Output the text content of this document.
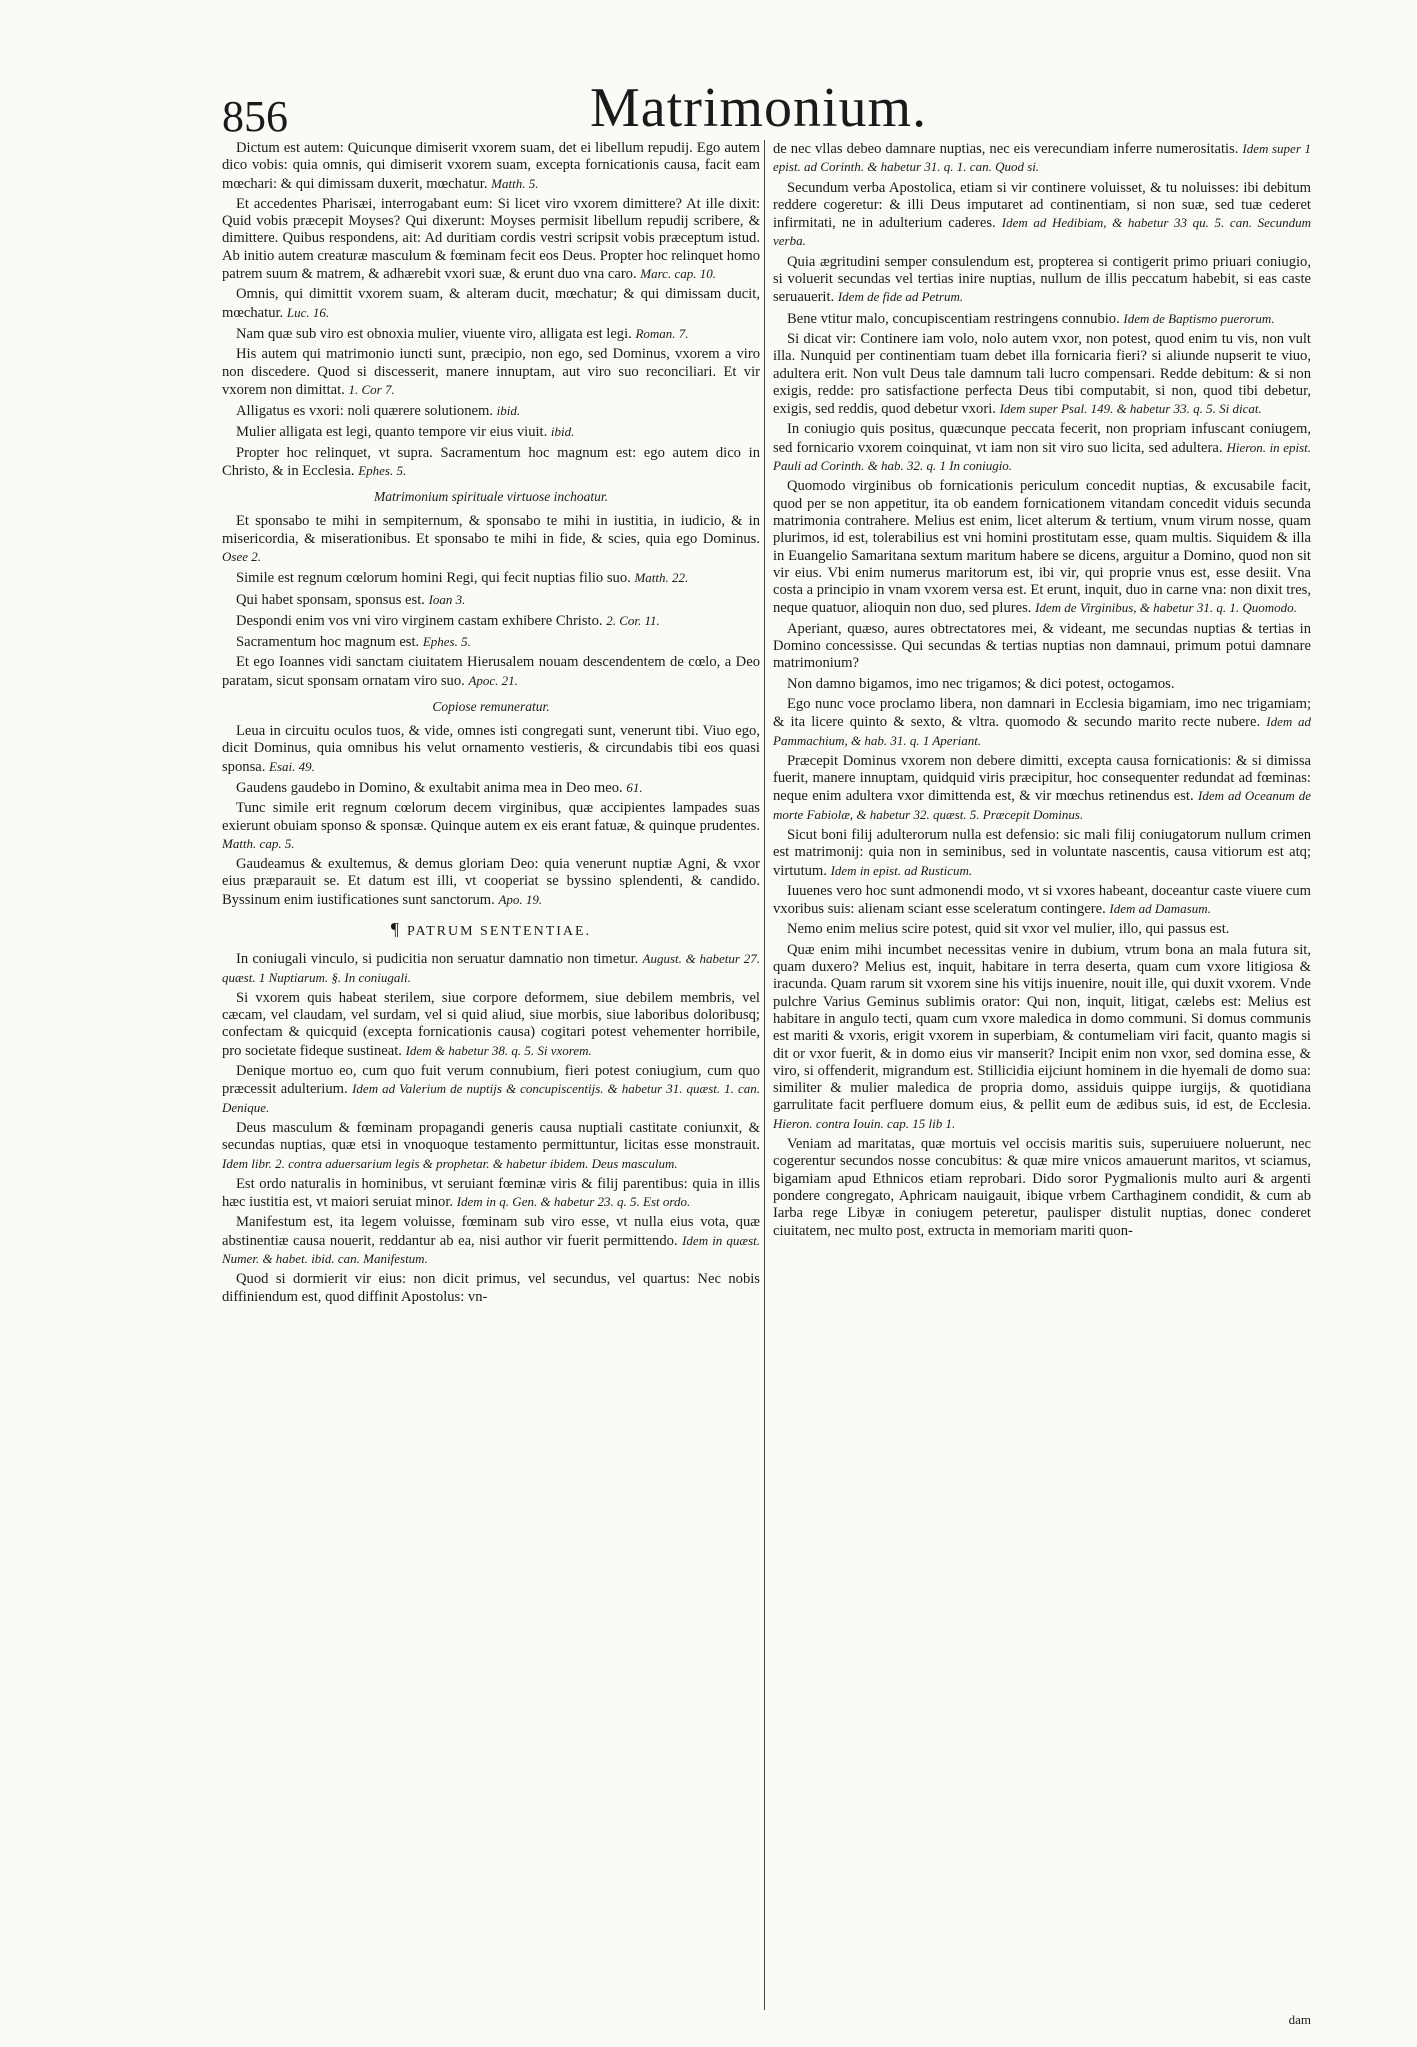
856	Matrimonium.

Dictum est autem: Quicunque dimiserit vxorem suam, det ei libellum repudij. Ego autem dico vobis: quia omnis, qui dimiserit vxorem suam, excepta fornicationis causa, facit eam mœchari: & qui dimissam duxerit, mœchatur. Matth. 5.

Et accedentes Pharisæi, interrogabant eum: Si licet viro vxorem dimittere? At ille dixit: Quid vobis præcepit Moyses? Qui dixerunt: Moyses permisit libellum repudij scribere, & dimittere. Quibus respondens, ait: Ad duritiam cordis vestri scripsit vobis præceptum istud. Ab initio autem creaturæ masculum & fœminam fecit eos Deus. Propter hoc relinquet homo patrem suum & matrem, & adhærebit vxori suæ, & erunt duo vna caro. Marc. cap. 10.

Omnis, qui dimittit vxorem suam, & alteram ducit, mœchatur; & qui dimissam ducit, mœchatur. Luc. 16.

Nam quæ sub viro est obnoxia mulier, viuente viro, alligata est legi. Roman. 7.

His autem qui matrimonio iuncti sunt, præcipio, non ego, sed Dominus, vxorem a viro non discedere. Quod si discesserit, manere innuptam, aut viro suo reconciliari. Et vir vxorem non dimittat. 1. Cor 7.

Alligatus es vxori: noli quærere solutionem. ibid.

Mulier alligata est legi, quanto tempore vir eius viuit. ibid.

Propter hoc relinquet, vt supra. Sacramentum hoc magnum est: ego autem dico in Christo, & in Ecclesia. Ephes. 5.

Matrimonium spirituale virtuose inchoatur.

Et sponsabo te mihi in sempiternum, & sponsabo te mihi in iustitia, in iudicio, & in misericordia, & miserationibus. Et sponsabo te mihi in fide, & scies, quia ego Dominus. Osee 2.

Simile est regnum cœlorum homini Regi, qui fecit nuptias filio suo. Matth. 22.

Qui habet sponsam, sponsus est. Ioan 3.

Despondi enim vos vni viro virginem castam exhibere Christo. 2. Cor. 11.

Sacramentum hoc magnum est. Ephes. 5.

Et ego Ioannes vidi sanctam ciuitatem Hierusalem nouam descendentem de cœlo, a Deo paratam, sicut sponsam ornatam viro suo. Apoc. 21.

Copiose remuneratur.

Leua in circuitu oculos tuos, & vide, omnes isti congregati sunt, venerunt tibi. Viuo ego, dicit Dominus, quia omnibus his velut ornamento vestieris, & circundabis tibi eos quasi sponsa. Esai. 49.

Gaudens gaudebo in Domino, & exultabit anima mea in Deo meo. 61.

Tunc simile erit regnum cœlorum decem virginibus, quæ accipientes lampades suas exierunt obuiam sponso & sponsæ. Quinque autem ex eis erant fatuæ, & quinque prudentes. Matth. cap. 5.

Gaudeamus & exultemus, & demus gloriam Deo: quia venerunt nuptiæ Agni, & vxor eius præparauit se. Et datum est illi, vt cooperiat se byssino splendenti, & candido. Byssinum enim iustificationes sunt sanctorum. Apo. 19.

¶ PATRUM SENTENTIAE.

In coniugali vinculo, si pudicitia non seruatur damnatio non timetur. August. & habetur 27. quæst. 1 Nuptiarum. §. In coniugali.

Si vxorem quis habeat sterilem, siue corpore deformem, siue debilem membris, vel cæcam, vel claudam, vel surdam, vel si quid aliud, siue morbis, siue laboribus doloribusq; confectam & quicquid (excepta fornicationis causa) cogitari potest vehementer horribile, pro societate fideque sustineat. Idem & habetur 38. q. 5. Si vxorem.

Denique mortuo eo, cum quo fuit verum connubium, fieri potest coniugium, cum quo præcessit adulterium. Idem ad Valerium de nuptijs & concupiscentijs. & habetur 31. quæst. 1. can. Denique.

Deus masculum & fœminam propagandi generis causa nuptiali castitate coniunxit, & secundas nuptias, quæ etsi in vnoquoque testamento permittuntur, licitas esse monstrauit. Idem libr. 2. contra aduersarium legis & prophetar. & habetur ibidem. Deus masculum.

Est ordo naturalis in hominibus, vt seruiant fœminæ viris & filij parentibus: quia in illis hæc iustitia est, vt maiori seruiat minor. Idem in q. Gen. & habetur 23. q. 5. Est ordo.

Manifestum est, ita legem voluisse, fœminam sub viro esse, vt nulla eius vota, quæ abstinentiæ causa nouerit, reddantur ab ea, nisi author vir fuerit permittendo. Idem in quæst. Numer. & habet. ibid. can. Manifestum.

Quod si dormierit vir eius: non dicit primus, vel secundus, vel quartus: Nec nobis diffiniendum est, quod diffinit Apostolus: vn-

de nec vllas debeo damnare nuptias, nec eis verecundiam inferre numerositatis. Idem super 1 epist. ad Corinth. & habetur 31. q. 1. can. Quod si.

Secundum verba Apostolica, etiam si vir continere voluisset, & tu noluisses: ibi debitum reddere cogeretur: & illi Deus imputaret ad continentiam, si non suæ, sed tuæ cederet infirmitati, ne in adulterium caderes. Idem ad Hedibiam, & habetur 33 qu. 5. can. Secundum verba.

Quia ægritudini semper consulendum est, propterea si contigerit primo priuari coniugio, si voluerit secundas vel tertias inire nuptias, nullum de illis peccatum habebit, si eas caste seruauerit. Idem de fide ad Petrum.

Bene vtitur malo, concupiscentiam restringens connubio. Idem de Baptismo puerorum.

Si dicat vir: Continere iam volo, nolo autem vxor, non potest, quod enim tu vis, non vult illa. Nunquid per continentiam tuam debet illa fornicaria fieri? si aliunde nupserit te viuo, adultera erit. Non vult Deus tale damnum tali lucro compensari. Redde debitum: & si non exigis, redde: pro satisfactione perfecta Deus tibi computabit, si non, quod tibi debetur, exigis, sed reddis, quod debetur vxori. Idem super Psal. 149. & habetur 33. q. 5. Si dicat.

In coniugio quis positus, quæcunque peccata fecerit, non propriam infuscant coniugem, sed fornicario vxorem coinquinat, vt iam non sit viro suo licita, sed adultera. Hieron. in epist. Pauli ad Corinth. & hab. 32. q. 1 In coniugio.

Quomodo virginibus ob fornicationis periculum concedit nuptias, & excusabile facit, quod per se non appetitur, ita ob eandem fornicationem vitandam concedit viduis secunda matrimonia contrahere. Melius est enim, licet alterum & tertium, vnum virum nosse, quam plurimos, id est, tolerabilius est vni homini prostitutam esse, quam multis. Siquidem & illa in Euangelio Samaritana sextum maritum habere se dicens, arguitur a Domino, quod non sit vir eius. Vbi enim numerus maritorum est, ibi vir, qui proprie vnus est, esse desiit. Vna costa a principio in vnam vxorem versa est. Et erunt, inquit, duo in carne vna: non dixit tres, neque quatuor, alioquin non duo, sed plures. Idem de Virginibus, & habetur 31. q. 1. Quomodo.

Aperiant, quæso, aures obtrectatores mei, & videant, me secundas nuptias & tertias in Domino concessisse. Qui secundas & tertias nuptias non damnaui, primum potui damnare matrimonium?

Non damno bigamos, imo nec trigamos; & dici potest, octogamos.

Ego nunc voce proclamo libera, non damnari in Ecclesia bigamiam, imo nec trigamiam; & ita licere quinto & sexto, & vltra. quomodo & secundo marito recte nubere. Idem ad Pammachium, & hab. 31. q. 1 Aperiant.

Præcepit Dominus vxorem non debere dimitti, excepta causa fornicationis: & si dimissa fuerit, manere innuptam, quidquid viris præcipitur, hoc consequenter redundat ad fœminas: neque enim adultera vxor dimittenda est, & vir mœchus retinendus est. Idem ad Oceanum de morte Fabiolæ, & habetur 32. quæst. 5. Præcepit Dominus.

Sicut boni filij adulterorum nulla est defensio: sic mali filij coniugatorum nullum crimen est matrimonij: quia non in seminibus, sed in voluntate nascentis, causa vitiorum est atq; virtutum. Idem in epist. ad Rusticum.

Iuuenes vero hoc sunt admonendi modo, vt si vxores habeant, doceantur caste viuere cum vxoribus suis: alienam sciant esse sceleratum contingere. Idem ad Damasum.

Nemo enim melius scire potest, quid sit vxor vel mulier, illo, qui passus est.

Quæ enim mihi incumbet necessitas venire in dubium, vtrum bona an mala futura sit, quam duxero? Melius est, inquit, habitare in terra deserta, quam cum vxore litigiosa & iracunda. Quam rarum sit vxorem sine his vitijs inuenire, nouit ille, qui duxit vxorem. Vnde pulchre Varius Geminus sublimis orator: Qui non, inquit, litigat, cælebs est: Melius est habitare in angulo tecti, quam cum vxore maledica in domo communi. Si domus communis est mariti & vxoris, erigit vxorem in superbiam, & contumeliam viri facit, quanto magis si dit or vxor fuerit, & in domo eius vir manserit? Incipit enim non vxor, sed domina esse, & viro, si offenderit, migrandum est. Stillicidia eijciunt hominem in die hyemali de domo sua: similiter & mulier maledica de propria domo, assiduis quippe iurgijs, & quotidiana garrulitate facit perfluere domum eius, & pellit eum de ædibus suis, id est, de Ecclesia. Hieron. contra Iouin. cap. 15 lib 1.

Veniam ad maritatas, quæ mortuis vel occisis maritis suis, superuiuere noluerunt, nec cogerentur secundos nosse concubitus: & quæ mire vnicos amauerunt maritos, vt sciamus, bigamiam apud Ethnicos etiam reprobari. Dido soror Pygmalionis multo auri & argenti pondere congregato, Aphricam nauigauit, ibique vrbem Carthaginem condidit, & cum ab Iarba rege Libyæ in coniugem peteretur, paulisper distulit nuptias, donec conderet ciuitatem, nec multo post, extructa in memoriam mariti quon-

dam
